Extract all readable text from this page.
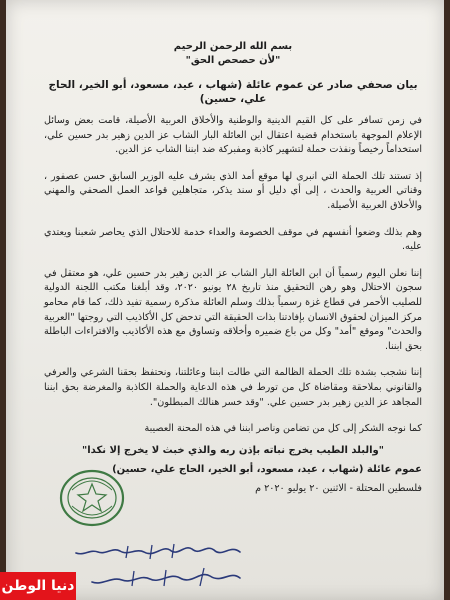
بسم الله الرحمن الرحيم

"لأن حصحص الحق"

بيان صحفي صادر عن عموم عائلة (شهاب ، عيد، مسعود، أبو الخير، الحاج علي، حسين)

في زمن تسافر على كل القيم الدينية والوطنية والأخلاق العربية الأصيلة، قامت بعض وسائل الإعلام الموجهة باستخدام قضية اعتقال ابن العائلة البار الشاب عز الدين زهير بدر حسين علي، استخداماً رخيصاً ونفذت حملة لتشهير كاذبة ومفبركة ضد ابننا الشاب عز الدين.

إذ تستند تلك الحملة التي انبرى لها موقع أمد الذي يشرف عليه الوزير السابق حسن عصفور ، وقناتي العربية والحدث ، إلى أي دليل أو سند يذكر، متجاهلين قواعد العمل الصحفي والمهني والأخلاق العربية الأصيلة.

وهم بذلك وضعوا أنفسهم في موقف الخصومة والعداء خدمة للاحتلال الذي يحاصر شعبنا ويعتدي عليه.

إننا نعلن اليوم رسمياً أن ابن العائلة البار الشاب عز الدين زهير بدر حسين علي، هو معتقل في سجون الاحتلال وهو رهن التحقيق منذ تاريخ ٢٨ يونيو ٢٠٢٠، وقد أبلغنا مكتب اللجنة الدولية للصليب الأحمر في قطاع غزة رسمياً بذلك وسلم العائلة مذكرة رسمية تفيد ذلك، كما قام محامو مركز الميزان لحقوق الانسان بإفادتنا بذات الحقيقة التي تدحض كل الأكاذيب التي روجتها "العربية والحدث" وموقع "أمد" وكل من باع ضميره وأخلاقه وتساوق مع هذه الأكاذيب والافتراءات الباطلة بحق ابننا.

إننا نشجب بشدة تلك الحملة الظالمة التي طالت ابننا وعائلتنا، ونحتفظ بحقنا الشرعي والعرفي والقانوني بملاحقة ومقاضاة كل من تورط في هذه الدعاية والحملة الكاذبة والمغرضة بحق ابننا المجاهد عز الدين زهير بدر حسين علي. "وقد خسر هنالك المبطلون".

كما نوجه الشكر إلى كل من تضامن وناصر ابننا في هذه المحنة العصيبة

"والبلد الطيب يخرج نباته بإذن ربه والذي خبث لا يخرج إلا نكدا"

عموم عائلة (شهاب ، عيد، مسعود، أبو الخير، الحاج علي، حسين)

فلسطين المحتلة - الاثنين ٢٠ يوليو ٢٠٢٠ م

دنيا الوطن
